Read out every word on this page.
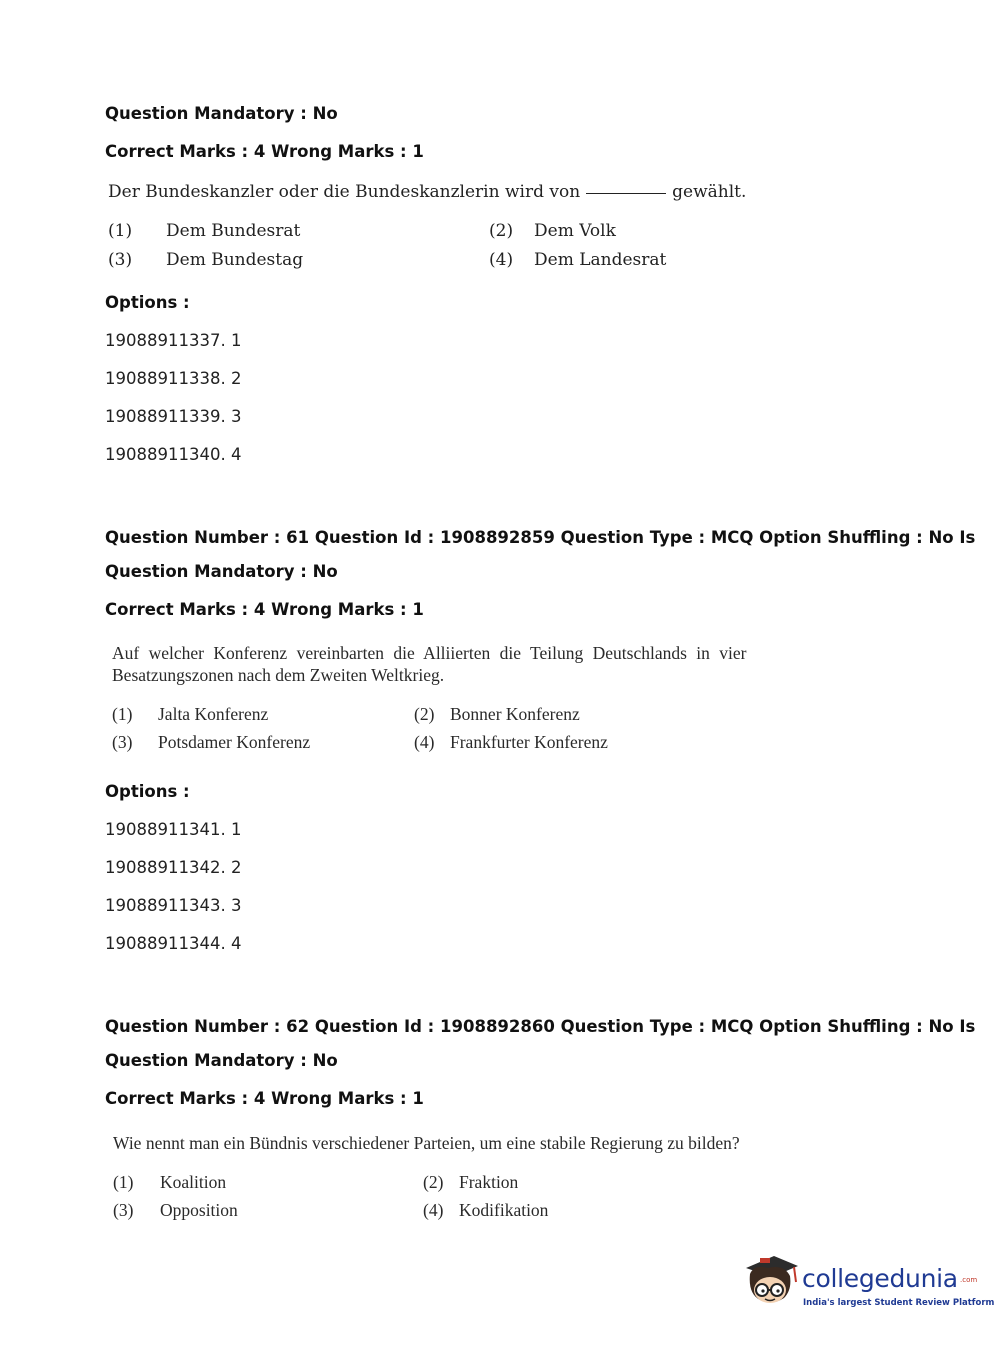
Question Mandatory : No
Correct Marks : 4 Wrong Marks : 1
Der Bundeskanzler oder die Bundeskanzlerin wird von	gewählt.
(1) Dem Bundesrat	(2) Dem Volk
(3) Dem Bundestag	(4) Dem Landesrat
Options :
19088911337. 1
19088911338. 2
19088911339. 3
19088911340. 4
Question Number : 61 Question Id : 1908892859 Question Type : MCQ Option Shuffling : No Is
Question Mandatory : No
Correct Marks : 4 Wrong Marks : 1
Auf welcher Konferenz vereinbarten die Alliierten die Teilung Deutschlands in vier
Besatzungszonen nach dem Zweiten Weltkrieg.
(1) Jalta Konferenz	(2) Bonner Konferenz
(3) Potsdamer Konferenz	(4) Frankfurter Konferenz
Options :
19088911341. 1
19088911342. 2
19088911343. 3
19088911344. 4
Question Number : 62 Question Id : 1908892860 Question Type : MCQ Option Shuffling : No Is
Question Mandatory : No
Correct Marks : 4 Wrong Marks : 1
Wie nennt man ein Bündnis verschiedener Parteien, um eine stabile Regierung zu bilden?
(1) Koalition	(2) Fraktion
(3) Opposition	(4) Kodifikation
collegedunia .com
India's largest Student Review Platform
